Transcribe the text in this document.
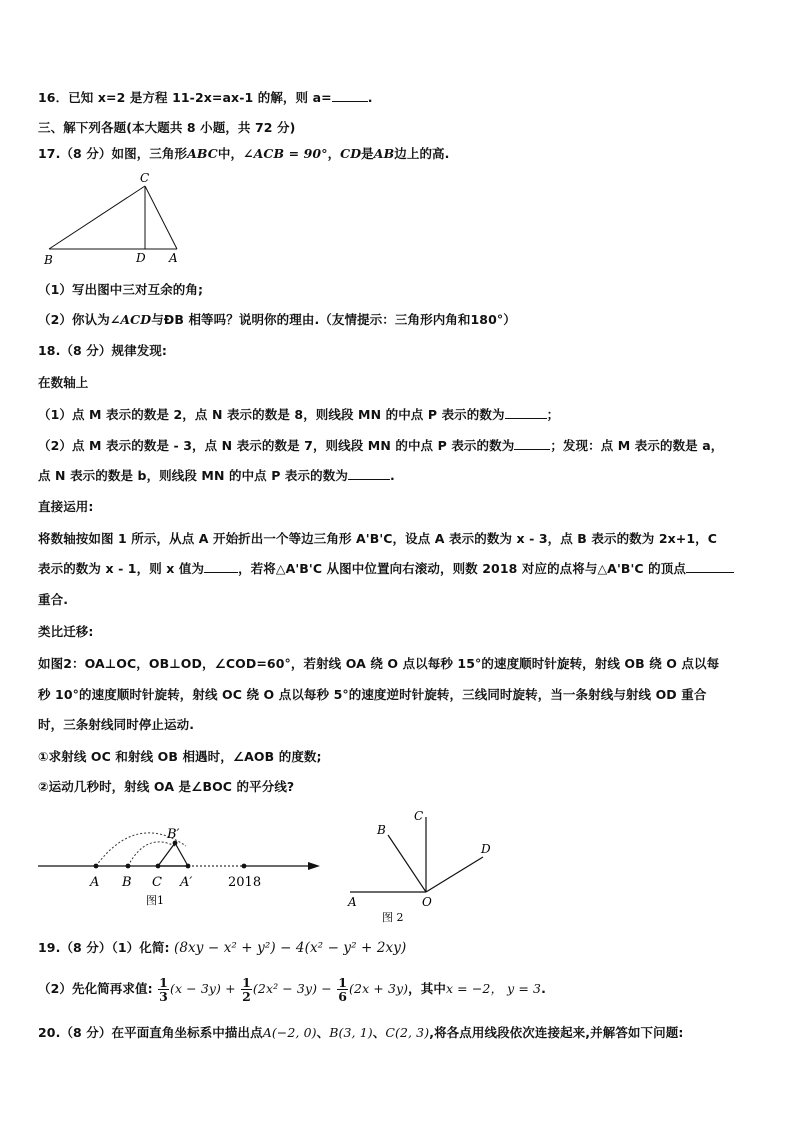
16．已知 x=2 是方程 11-2x=ax-1 的解，则 a=	.
三、解下列各题(本大题共 8 小题，共 72 分)
17.（8 分）如图，三角形ABC中，∠ACB = 90°，CD是AB边上的高.
C
B	D A
（1）写出图中三对互余的角;
（2）你认为∠ACD与ÐB 相等吗？说明你的理由.（友情提示：三角形内角和180°）
18.（8 分）规律发现:
在数轴上
（1）点 M 表示的数是 2，点 N 表示的数是 8，则线段 MN 的中点 P 表示的数为	；
（2）点 M 表示的数是 - 3，点 N 表示的数是 7，则线段 MN 的中点 P 表示的数为	；发现：点 M 表示的数是 a，
点 N 表示的数是 b，则线段 MN 的中点 P 表示的数为	.
直接运用:
将数轴按如图 1 所示，从点 A 开始折出一个等边三角形 A'B'C，设点 A 表示的数为 x - 3，点 B 表示的数为 2x+1，C
表示的数为 x - 1，则 x 值为	，若将△A'B'C 从图中位置向右滚动，则数 2018 对应的点将与△A'B'C 的顶点
重合.
类比迁移:
如图2：OA⊥OC，OB⊥OD，∠COD=60°，若射线 OA 绕 O 点以每秒 15°的速度顺时针旋转，射线 OB 绕 O 点以每
秒 10°的速度顺时针旋转，射线 OC 绕 O 点以每秒 5°的速度逆时针旋转，三线同时旋转，当一条射线与射线 OD 重合
时，三条射线同时停止运动.
①求射线 OC 和射线 OB 相遇时，∠AOB 的度数;
②运动几秒时，射线 OA 是∠BOC 的平分线?
A B C A′
B′
2018
图1	A
B
C
D
O
图 2
19.（8 分）（1）化简: (8xy − x² + y²) − 4(x² − y² + 2xy)
（2）先化简再求值: $\frac{1}{3} (x - 3y) + \frac{1}{2} (2x^2 - 3y) - \frac{1}{6} (2x + 3y)$，其中x = −2， y = 3.
20.（8 分）在平面直角坐标系中描出点A(−2, 0)、B(3, 1)、C(2, 3),将各点用线段依次连接起来,并解答如下问题:
